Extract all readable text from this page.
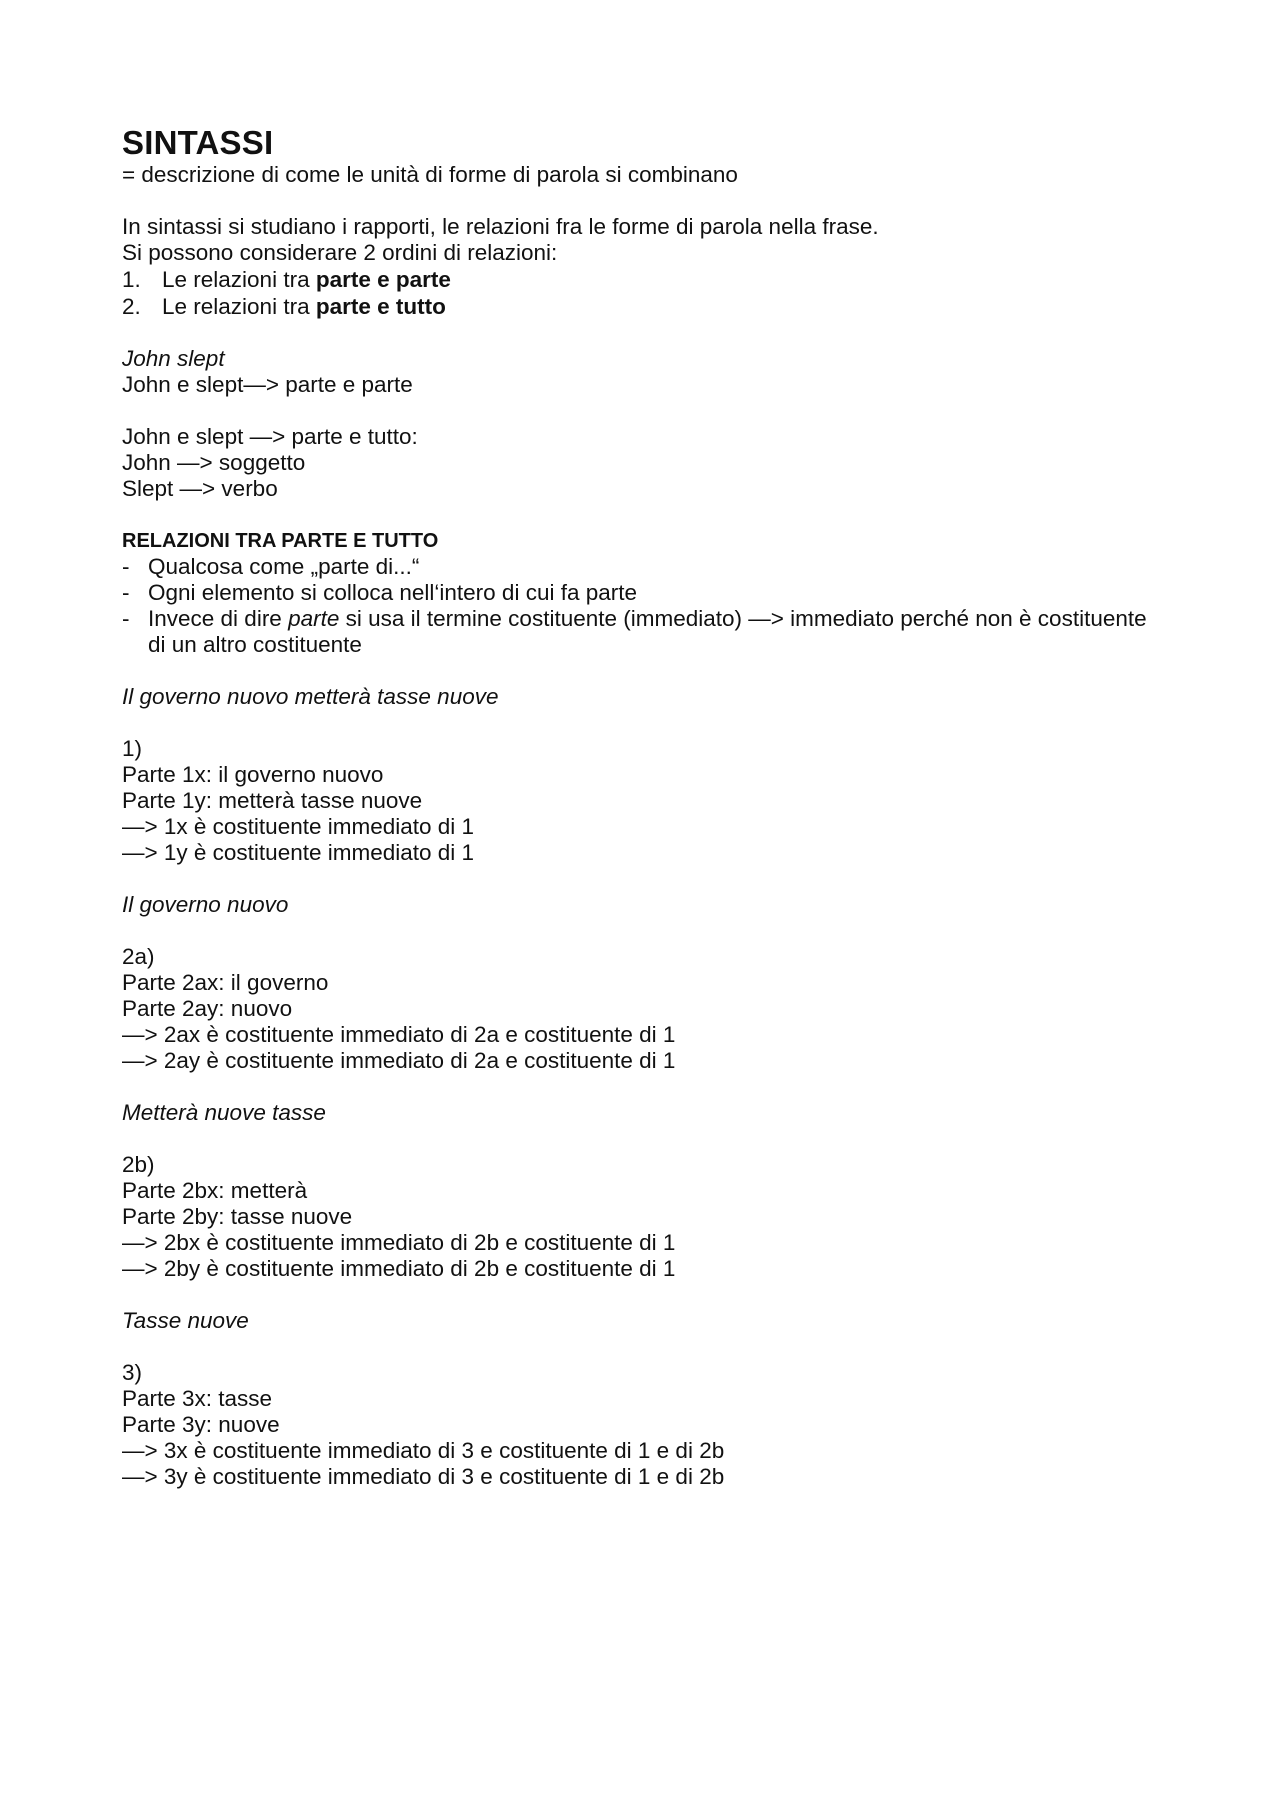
SINTASSI

= descrizione di come le unità di forme di parola si combinano

In sintassi si studiano i rapporti, le relazioni fra le forme di parola nella frase.

Si possono considerare 2 ordini di relazioni:

1. Le relazioni tra parte e parte
2. Le relazioni tra parte e tutto

John slept

John e slept—> parte e parte

John e slept —> parte e tutto:

John —> soggetto

Slept —> verbo

RELAZIONI TRA PARTE E TUTTO

- Qualcosa come „parte di...“
- Ogni elemento si colloca nell‘intero di cui fa parte
- Invece di dire parte si usa il termine costituente (immediato) —> immediato perché non è costituente di un altro costituente

Il governo nuovo metterà tasse nuove

1)

Parte 1x: il governo nuovo

Parte 1y: metterà tasse nuove

—> 1x è costituente immediato di 1

—> 1y è costituente immediato di 1

Il governo nuovo

2a)

Parte 2ax: il governo

Parte 2ay: nuovo

—> 2ax è costituente immediato di 2a e costituente di 1

—> 2ay è costituente immediato di 2a e costituente di 1

Metterà nuove tasse

2b)

Parte 2bx: metterà

Parte 2by: tasse nuove

—> 2bx è costituente immediato di 2b e costituente di 1

—> 2by è costituente immediato di 2b e costituente di 1

Tasse nuove

3)

Parte 3x: tasse

Parte 3y: nuove

—> 3x è costituente immediato di 3 e costituente di 1 e di 2b

—> 3y è costituente immediato di 3 e costituente di 1 e di 2b
